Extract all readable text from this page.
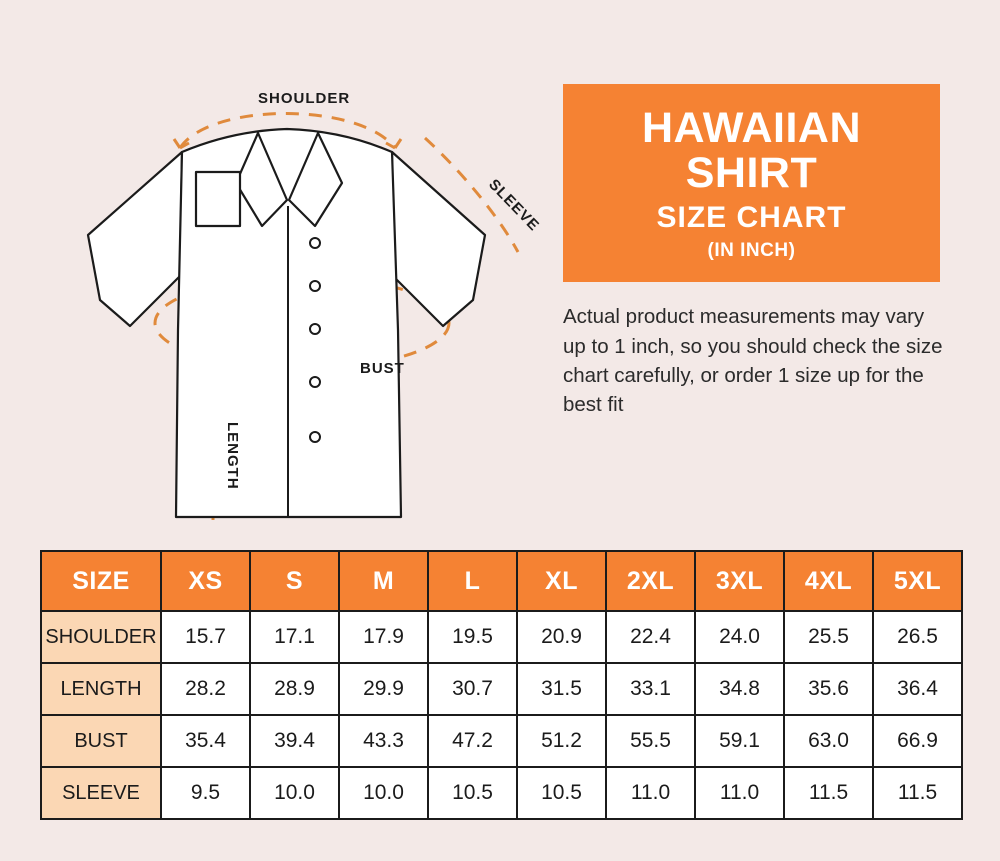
SHOULDER
SLEEVE
BUST
LENGTH
HAWAIIAN
SHIRT
SIZE CHART
(IN INCH)
Actual product measurements may vary up to 1 inch, so you should check the size chart carefully, or order 1 size up for the best fit
SIZE	XS	S	M	L	XL	2XL	3XL	4XL	5XL
SHOULDER	15.7	17.1	17.9	19.5	20.9	22.4	24.0	25.5	26.5
LENGTH	28.2	28.9	29.9	30.7	31.5	33.1	34.8	35.6	36.4
BUST	35.4	39.4	43.3	47.2	51.2	55.5	59.1	63.0	66.9
SLEEVE	9.5	10.0	10.0	10.5	10.5	11.0	11.0	11.5	11.5
